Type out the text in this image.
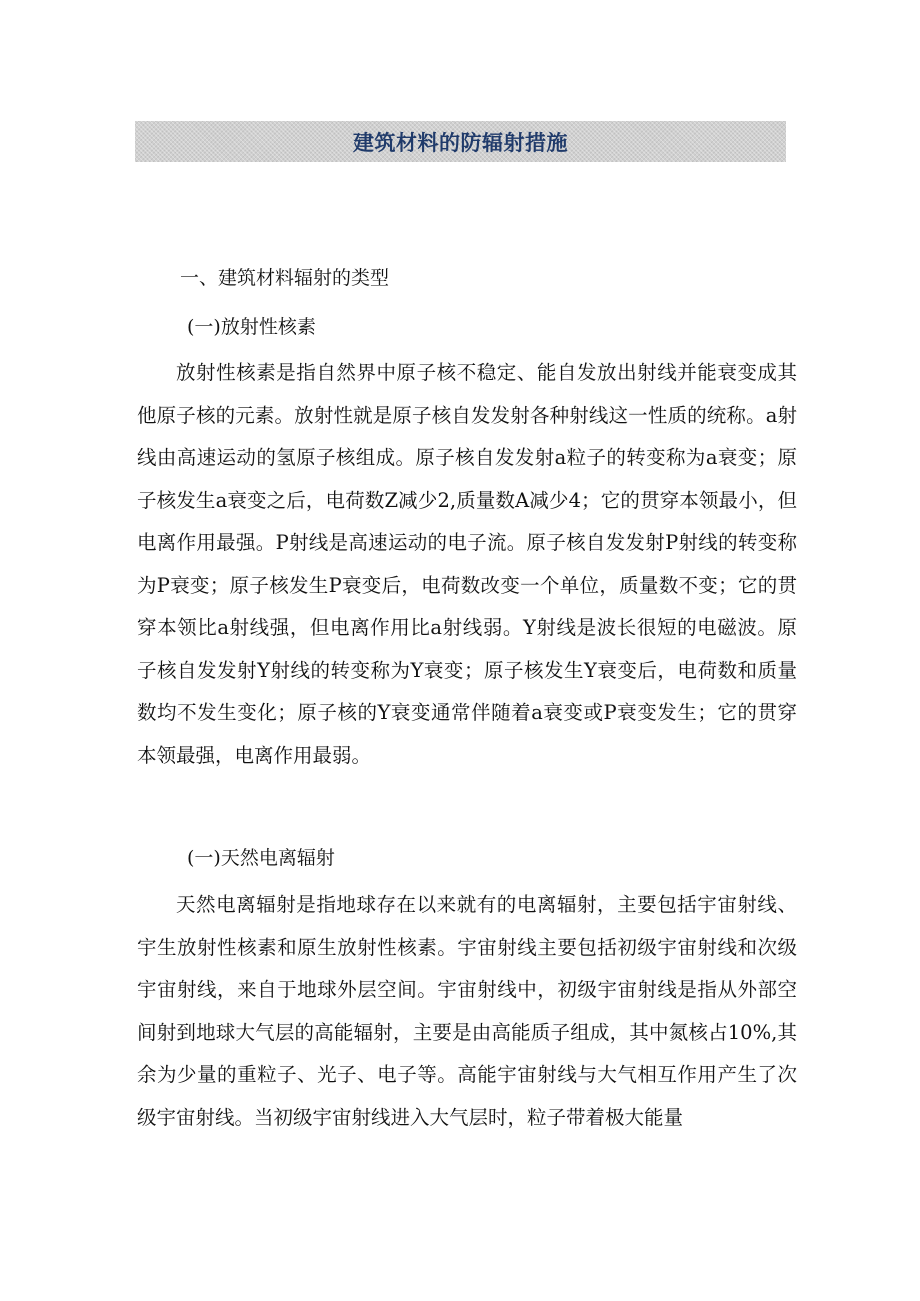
建筑材料的防辐射措施
一、建筑材料辐射的类型
(一)放射性核素

放射性核素是指自然界中原子核不稳定、能自发放出射线并能衰变成其他原子核的元素。放射性就是原子核自发发射各种射线这一性质的统称。a射线由高速运动的氢原子核组成。原子核自发发射a粒子的转变称为a衰变；原子核发生a衰变之后，电荷数Z减少2,质量数A减少4；它的贯穿本领最小，但电离作用最强。P射线是高速运动的电子流。原子核自发发射P射线的转变称为P衰变；原子核发生P衰变后，电荷数改变一个单位，质量数不变；它的贯穿本领比a射线强，但电离作用比a射线弱。Y射线是波长很短的电磁波。原子核自发发射Y射线的转变称为Y衰变；原子核发生Y衰变后，电荷数和质量数均不发生变化；原子核的Y衰变通常伴随着a衰变或P衰变发生；它的贯穿本领最强，电离作用最弱。

(一)天然电离辐射

天然电离辐射是指地球存在以来就有的电离辐射，主要包括宇宙射线、宇生放射性核素和原生放射性核素。宇宙射线主要包括初级宇宙射线和次级宇宙射线，来自于地球外层空间。宇宙射线中，初级宇宙射线是指从外部空间射到地球大气层的高能辐射，主要是由高能质子组成，其中氮核占10%,其余为少量的重粒子、光子、电子等。高能宇宙射线与大气相互作用产生了次级宇宙射线。当初级宇宙射线进入大气层时，粒子带着极大能量
